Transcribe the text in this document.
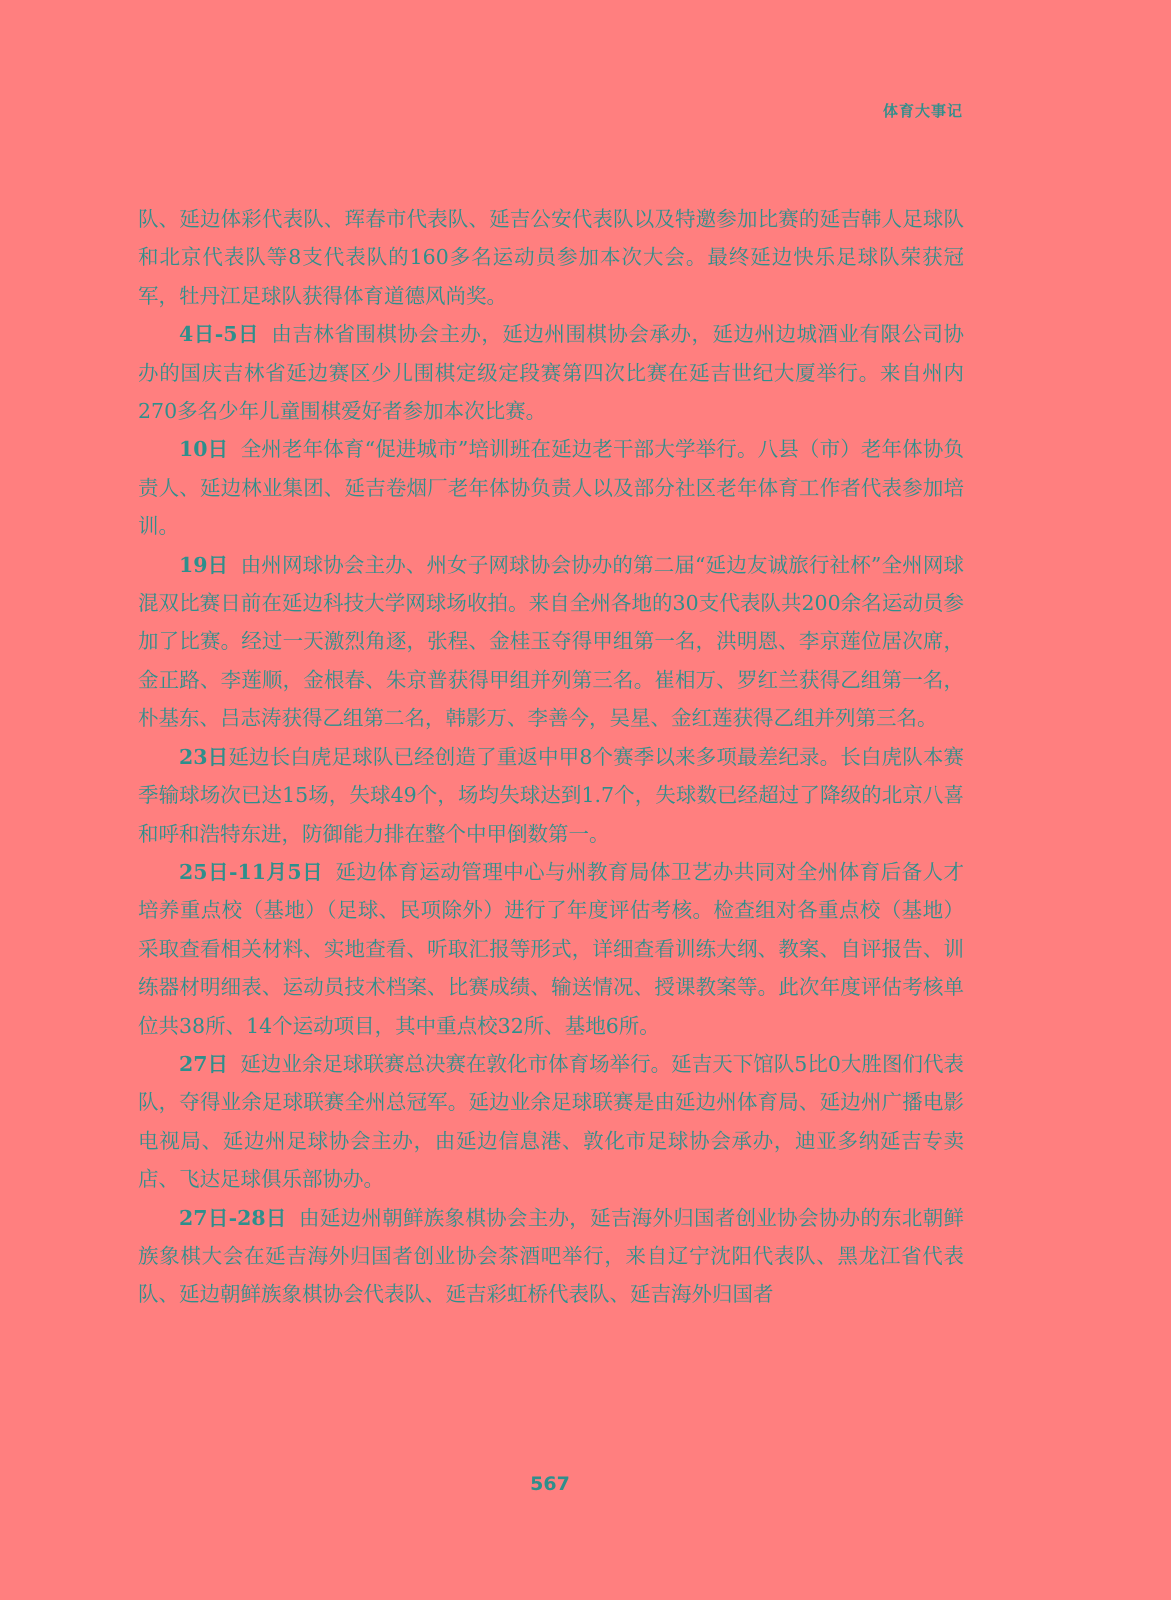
体育大事记

队、延边体彩代表队、珲春市代表队、延吉公安代表队以及特邀参加比赛的延吉韩人足球队和北京代表队等8支代表队的160多名运动员参加本次大会。最终延边快乐足球队荣获冠军，牡丹江足球队获得体育道德风尚奖。

4日-5日 由吉林省围棋协会主办，延边州围棋协会承办，延边州边城酒业有限公司协办的国庆吉林省延边赛区少儿围棋定级定段赛第四次比赛在延吉世纪大厦举行。来自州内270多名少年儿童围棋爱好者参加本次比赛。

10日 全州老年体育“促进城市”培训班在延边老干部大学举行。八县（市）老年体协负责人、延边林业集团、延吉卷烟厂老年体协负责人以及部分社区老年体育工作者代表参加培训。

19日 由州网球协会主办、州女子网球协会协办的第二届“延边友诚旅行社杯”全州网球混双比赛日前在延边科技大学网球场收拍。来自全州各地的30支代表队共200余名运动员参加了比赛。经过一天激烈角逐，张程、金桂玉夺得甲组第一名，洪明恩、李京莲位居次席，金正路、李莲顺，金根春、朱京普获得甲组并列第三名。崔相万、罗红兰获得乙组第一名，朴基东、吕志涛获得乙组第二名，韩影万、李善今，吴星、金红莲获得乙组并列第三名。

23日延边长白虎足球队已经创造了重返中甲8个赛季以来多项最差纪录。长白虎队本赛季输球场次已达15场，失球49个，场均失球达到1.7个，失球数已经超过了降级的北京八喜和呼和浩特东进，防御能力排在整个中甲倒数第一。

25日-11月5日 延边体育运动管理中心与州教育局体卫艺办共同对全州体育后备人才培养重点校（基地）（足球、民项除外）进行了年度评估考核。检查组对各重点校（基地）采取查看相关材料、实地查看、听取汇报等形式，详细查看训练大纲、教案、自评报告、训练器材明细表、运动员技术档案、比赛成绩、输送情况、授课教案等。此次年度评估考核单位共38所、14个运动项目，其中重点校32所、基地6所。

27日 延边业余足球联赛总决赛在敦化市体育场举行。延吉天下馆队5比0大胜图们代表队，夺得业余足球联赛全州总冠军。延边业余足球联赛是由延边州体育局、延边州广播电影电视局、延边州足球协会主办，由延边信息港、敦化市足球协会承办，迪亚多纳延吉专卖店、飞达足球俱乐部协办。

27日-28日 由延边州朝鲜族象棋协会主办，延吉海外归国者创业协会协办的东北朝鲜族象棋大会在延吉海外归国者创业协会茶酒吧举行，来自辽宁沈阳代表队、黑龙江省代表队、延边朝鲜族象棋协会代表队、延吉彩虹桥代表队、延吉海外归国者

567
